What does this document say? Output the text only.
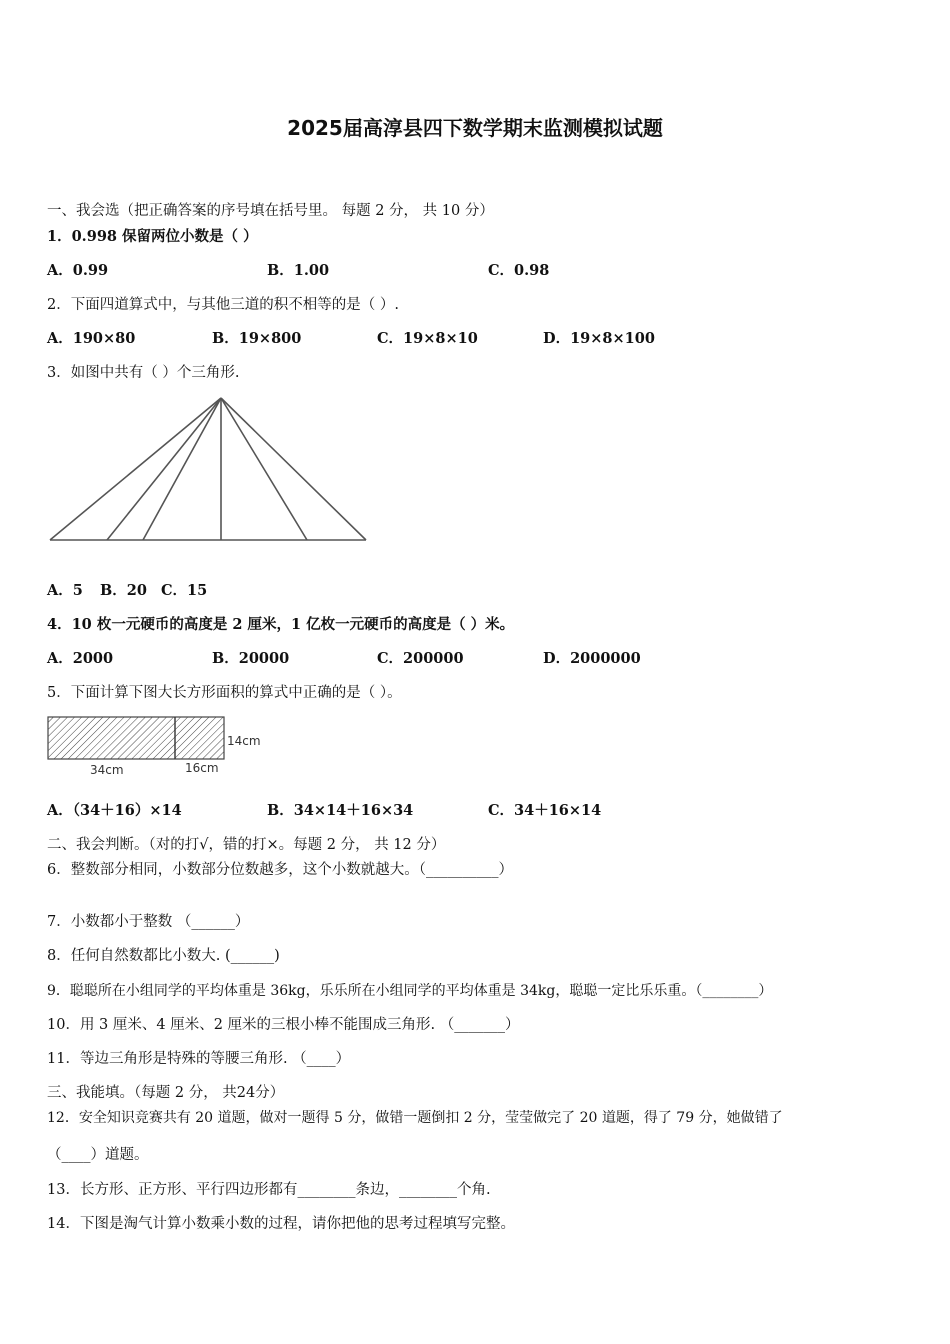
2025届高淳县四下数学期末监测模拟试题
一、我会选（把正确答案的序号填在括号里。 每题 2 分， 共 10 分）
1．0.998 保留两位小数是（ ）
A．0.99	B．1.00	C．0.98
2．下面四道算式中，与其他三道的积不相等的是（ ）.
A．190×80	B．19×800	C．19×8×10	D．19×8×100
3．如图中共有（ ）个三角形.
A．5 B．20 C．15
4．10 枚一元硬币的高度是 2 厘米，1 亿枚一元硬币的高度是（ ）米。
A．2000	B．20000	C．200000	D．2000000
5．下面计算下图大长方形面积的算式中正确的是（ ）。
14cm
34cm	16cm
A．（34＋16）×14	B．34×14＋16×34	C．34＋16×14
二、我会判断。（对的打√，错的打×。每题 2 分， 共 12 分）
6．整数部分相同，小数部分位数越多，这个小数就越大。（__________）
7．小数都小于整数 （______）
8．任何自然数都比小数大. (______)
9．聪聪所在小组同学的平均体重是 36kg，乐乐所在小组同学的平均体重是 34kg，聪聪一定比乐乐重。（________）
10．用 3 厘米、4 厘米、2 厘米的三根小棒不能围成三角形. （_______）
11．等边三角形是特殊的等腰三角形. （____）
三、我能填。（每题 2 分， 共24分）
12．安全知识竞赛共有 20 道题，做对一题得 5 分，做错一题倒扣 2 分，莹莹做完了 20 道题，得了 79 分，她做错了
（____）道题。
13．长方形、正方形、平行四边形都有________条边，________个角.
14．下图是淘气计算小数乘小数的过程，请你把他的思考过程填写完整。
